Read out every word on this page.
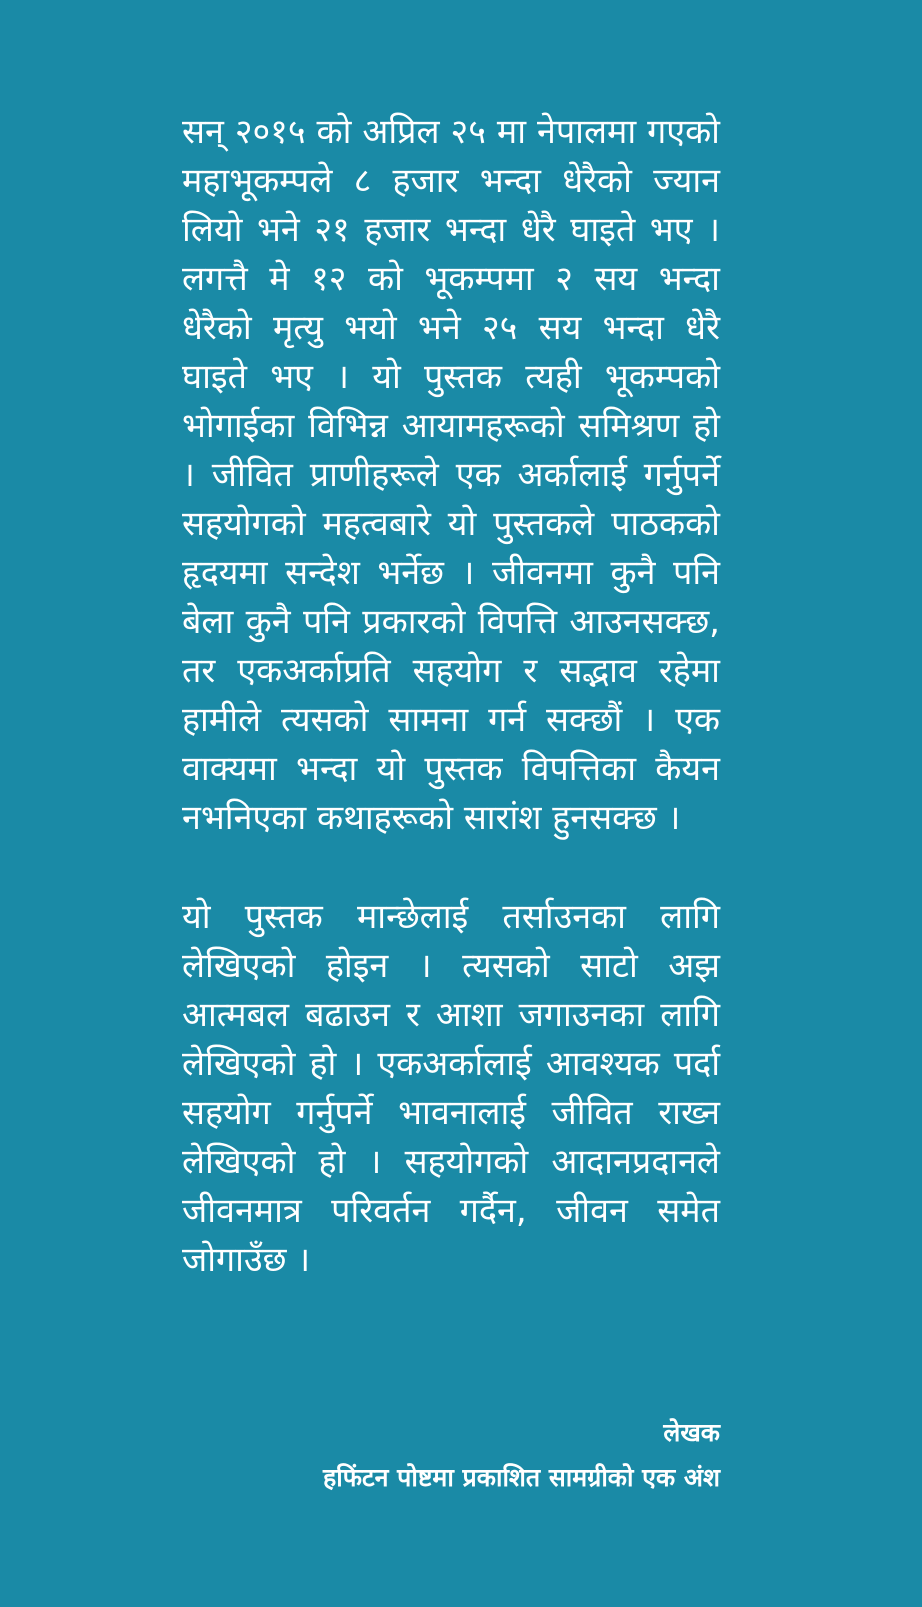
सन् २०१५ को अप्रिल २५ मा नेपालमा गएको महाभूकम्पले ८ हजार भन्दा धेरैको ज्यान लियो भने २१ हजार भन्दा धेरै घाइते भए । लगत्तै मे १२ को भूकम्पमा २ सय भन्दा धेरैको मृत्यु भयो भने २५ सय भन्दा धेरै घाइते भए । यो पुस्तक त्यही भूकम्पको भोगाईका विभिन्न आयामहरूको समिश्रण हो । जीवित प्राणीहरूले एक अर्कालाई गर्नुपर्ने सहयोगको महत्वबारे यो पुस्तकले पाठकको हृदयमा सन्देश भर्नेछ । जीवनमा कुनै पनि बेला कुनै पनि प्रकारको विपत्ति आउनसक्छ, तर एकअर्काप्रति सहयोग र सद्भाव रहेमा हामीले त्यसको सामना गर्न सक्छौं । एक वाक्यमा भन्दा यो पुस्तक विपत्तिका कैयन नभनिएका कथाहरूको सारांश हुनसक्छ ।

यो पुस्तक मान्छेलाई तर्साउनका लागि लेखिएको होइन । त्यसको साटो अझ आत्मबल बढाउन र आशा जगाउनका लागि लेखिएको हो । एकअर्कालाई आवश्यक पर्दा सहयोग गर्नुपर्ने भावनालाई जीवित राख्न लेखिएको हो । सहयोगको आदानप्रदानले जीवनमात्र परिवर्तन गर्दैन, जीवन समेत जोगाउँछ ।

लेखक
हफिंटन पोष्टमा प्रकाशित सामग्रीको एक अंश
